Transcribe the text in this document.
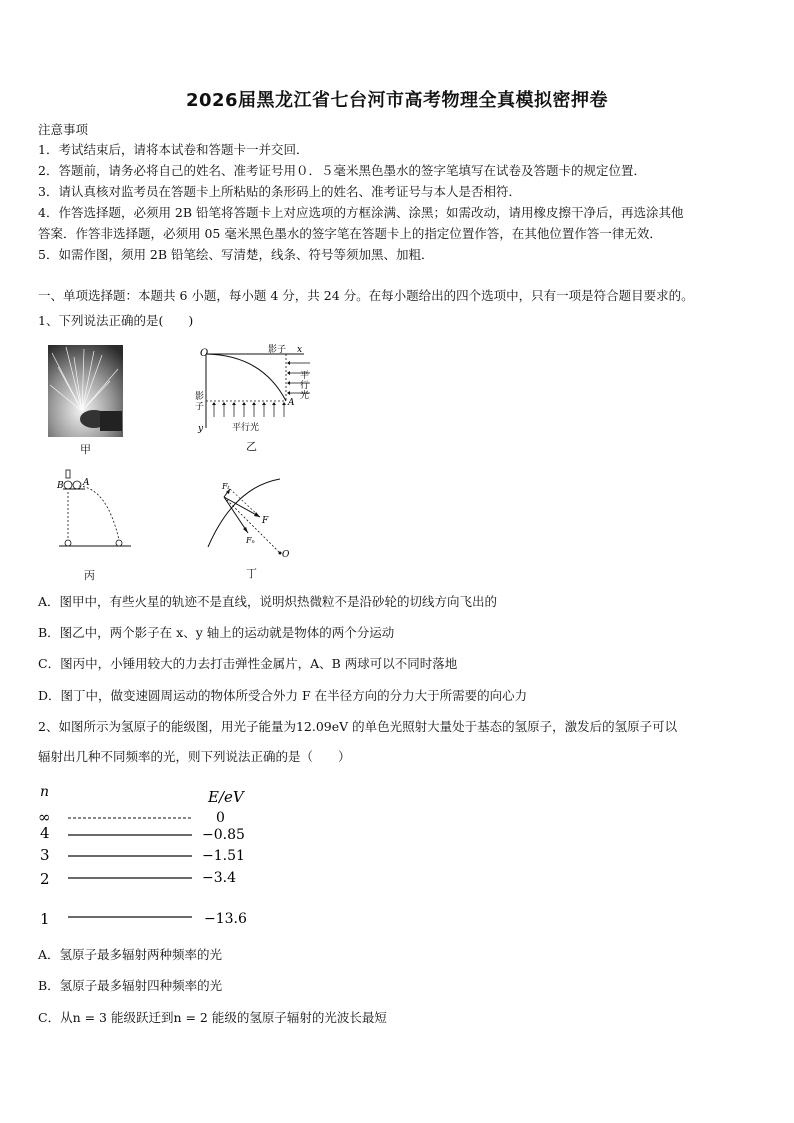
2026届黑龙江省七台河市高考物理全真模拟密押卷
注意事项
1．考试结束后，请将本试卷和答题卡一并交回．
2．答题前，请务必将自己的姓名、准考证号用０．５毫米黑色墨水的签字笔填写在试卷及答题卡的规定位置．
3．请认真核对监考员在答题卡上所粘贴的条形码上的姓名、准考证号与本人是否相符．
4．作答选择题，必须用 2B 铅笔将答题卡上对应选项的方框涂满、涂黑；如需改动，请用橡皮擦干净后，再选涂其他
答案．作答非选择题，必须用 05 毫米黑色墨水的签字笔在答题卡上的指定位置作答，在其他位置作答一律无效．
5．如需作图，须用 2B 铅笔绘、写清楚，线条、符号等须加黑、加粗．
一、单项选择题：本题共 6 小题，每小题 4 分，共 24 分。在每小题给出的四个选项中，只有一项是符合题目要求的。
1、下列说法正确的是(　　)
甲
O	影子 x
平
行
光
影
子	A
y	平行光
乙
B A
丙
Fₜ
F
Fₙ
O
丁
A．图甲中，有些火星的轨迹不是直线，说明炽热微粒不是沿砂轮的切线方向飞出的
B．图乙中，两个影子在 x、y 轴上的运动就是物体的两个分运动
C．图丙中，小锤用较大的力去打击弹性金属片，A、B 两球可以不同时落地
D．图丁中，做变速圆周运动的物体所受合外力 F 在半径方向的分力大于所需要的向心力
2、如图所示为氢原子的能级图，用光子能量为12.09eV 的单色光照射大量处于基态的氢原子，激发后的氢原子可以
辐射出几种不同频率的光，则下列说法正确的是（　　）
n	E/eV
∞	0
4	−0.85
3	−1.51
2	−3.4
1	−13.6
A．氢原子最多辐射两种频率的光
B．氢原子最多辐射四种频率的光
C．从n = 3 能级跃迁到n = 2 能级的氢原子辐射的光波长最短
